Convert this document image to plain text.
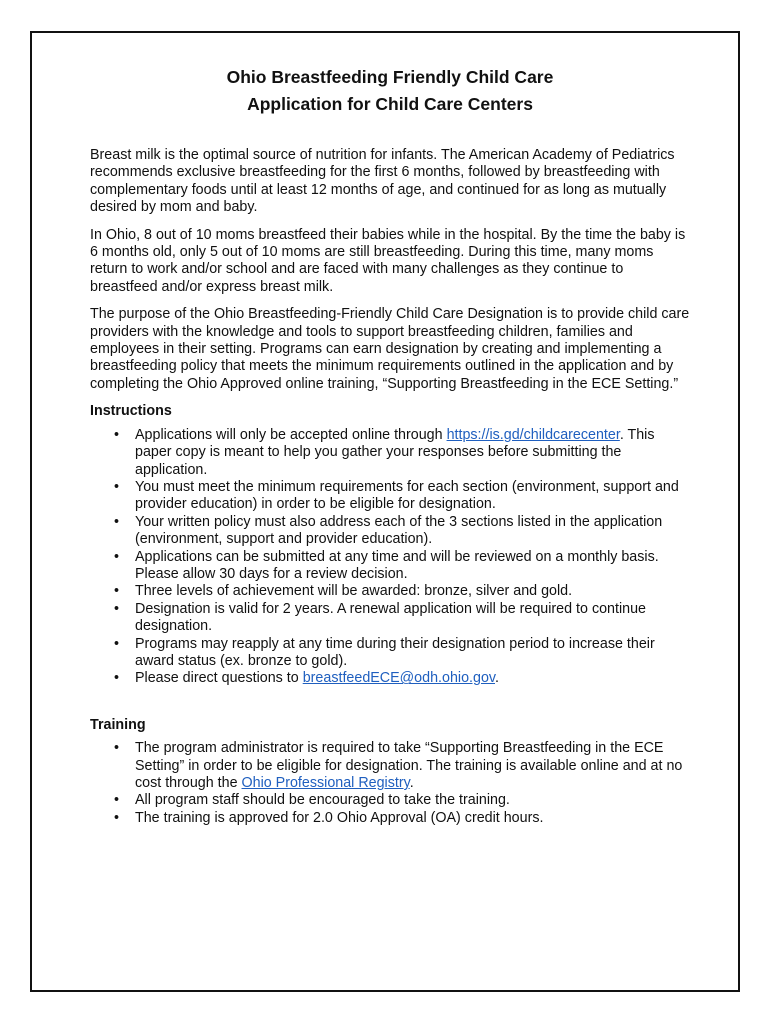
Ohio Breastfeeding Friendly Child Care
Application for Child Care Centers

Breast milk is the optimal source of nutrition for infants. The American Academy of Pediatrics recommends exclusive breastfeeding for the first 6 months, followed by breastfeeding with complementary foods until at least 12 months of age, and continued for as long as mutually desired by mom and baby.

In Ohio, 8 out of 10 moms breastfeed their babies while in the hospital. By the time the baby is 6 months old, only 5 out of 10 moms are still breastfeeding. During this time, many moms return to work and/or school and are faced with many challenges as they continue to breastfeed and/or express breast milk.

The purpose of the Ohio Breastfeeding-Friendly Child Care Designation is to provide child care providers with the knowledge and tools to support breastfeeding children, families and employees in their setting. Programs can earn designation by creating and implementing a breastfeeding policy that meets the minimum requirements outlined in the application and by completing the Ohio Approved online training, “Supporting Breastfeeding in the ECE Setting.”

Instructions
• Applications will only be accepted online through https://is.gd/childcarecenter. This paper copy is meant to help you gather your responses before submitting the application.
• You must meet the minimum requirements for each section (environment, support and provider education) in order to be eligible for designation.
• Your written policy must also address each of the 3 sections listed in the application (environment, support and provider education).
• Applications can be submitted at any time and will be reviewed on a monthly basis. Please allow 30 days for a review decision.
• Three levels of achievement will be awarded: bronze, silver and gold.
• Designation is valid for 2 years. A renewal application will be required to continue designation.
• Programs may reapply at any time during their designation period to increase their award status (ex. bronze to gold).
• Please direct questions to breastfeedECE@odh.ohio.gov.
Training
• The program administrator is required to take “Supporting Breastfeeding in the ECE Setting” in order to be eligible for designation. The training is available online and at no cost through the Ohio Professional Registry.
• All program staff should be encouraged to take the training.
• The training is approved for 2.0 Ohio Approval (OA) credit hours.
